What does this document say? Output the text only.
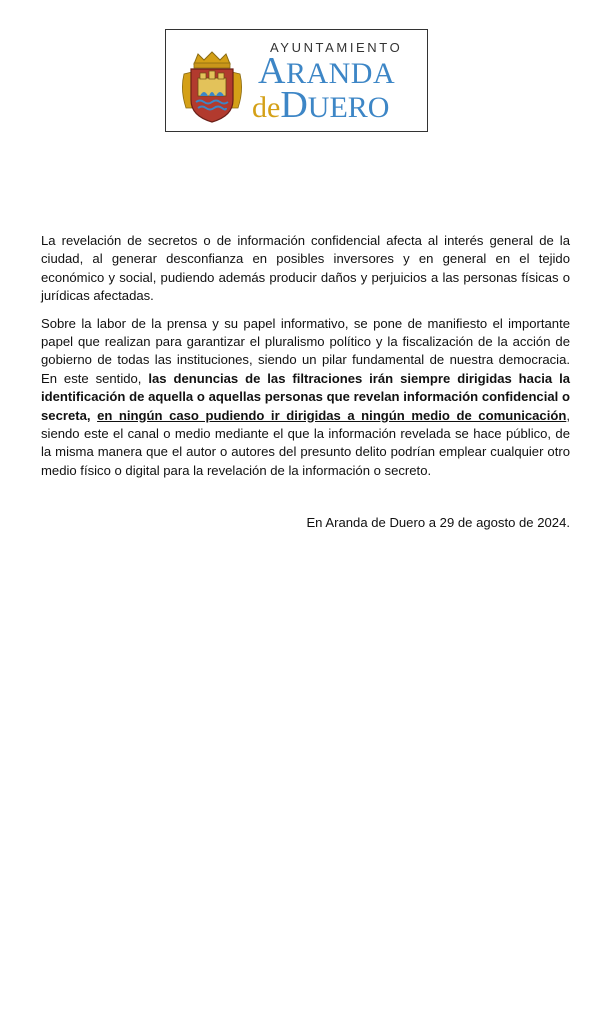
AYUNTAMIENTO
ARANDA
deDUERO

La revelación de secretos o de información confidencial afecta al interés general de la ciudad, al generar desconfianza en posibles inversores y en general en el tejido económico y social, pudiendo además producir daños y perjuicios a las personas físicas o jurídicas afectadas.

Sobre la labor de la prensa y su papel informativo, se pone de manifiesto el importante papel que realizan para garantizar el pluralismo político y la fiscalización de la acción de gobierno de todas las instituciones, siendo un pilar fundamental de nuestra democracia. En este sentido, las denuncias de las filtraciones irán siempre dirigidas hacia la identificación de aquella o aquellas personas que revelan información confidencial o secreta, en ningún caso pudiendo ir dirigidas a ningún medio de comunicación, siendo este el canal o medio mediante el que la información revelada se hace público, de la misma manera que el autor o autores del presunto delito podrían emplear cualquier otro medio físico o digital para la revelación de la información o secreto.

En Aranda de Duero a 29 de agosto de 2024.
